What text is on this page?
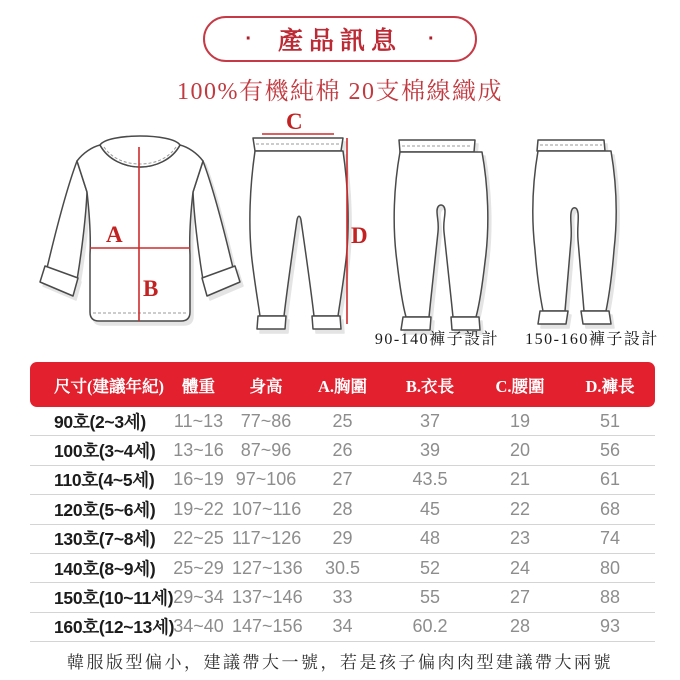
· 產品訊息 ·
100%有機純棉 20支棉線織成
A
B
C
D
90-140褲子設計 150-160褲子設計
尺寸(建議年紀)	體重	身高	A.胸圍	B.衣長	C.腰圍	D.褲長
90호(2~3세)	11~13 77~86	25	37	19	51
100호(3~4세) 13~16 87~96	26	39	20	56
110호(4~5세)	16~19 97~106	27	43.5	21	61
120호(5~6세) 19~22 107~116	28	45	22	68
130호(7~8세) 22~25 117~126	29	48	23	74
140호(8~9세) 25~29 127~136	30.5	52	24	80
150호(10~11세) 29~34 137~146	33	55	27	88
160호(12~13세) 34~40 147~156	34	60.2	28	93
韓服版型偏小，建議帶大一號，若是孩子偏肉肉型建議帶大兩號
